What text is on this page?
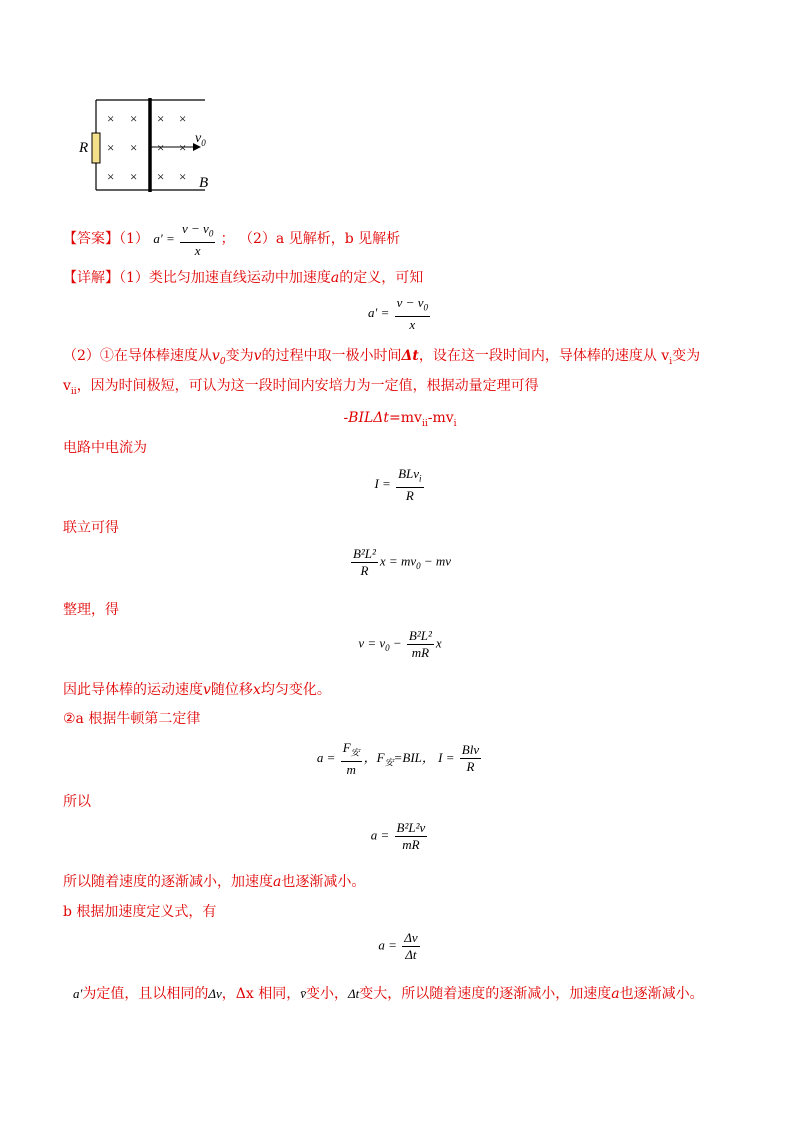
R
$v_0$
B
× × × ×
× × × ×
× × × ×
【答案】（1） $a' = \frac{v - v_0}{x}$ ； （2）a 见解析，b 见解析
【详解】（1）类比匀加速直线运动中加速度a的定义，可知
$a' = \frac{v - v_0}{x}$
（2）①在导体棒速度从$v_0$变为v的过程中取一极小时间Δt，设在这一段时间内，导体棒的速度从 $v_i$变为
$v_{ii}$，因为时间极短，可认为这一段时间内安培力为一定值，根据动量定理可得
$-BIL\Delta t=mv_{ii}-mv_i$
电路中电流为
$I = \frac{BLv_i}{R}$
联立可得
$\frac{\text{B²L²}}{R}$ $x = mv_0$ − mv
整理，得
$v = v_0 - \frac{\text{B²L²}}{mR}$ x
因此导体棒的运动速度v随位移x均匀变化。
②a 根据牛顿第二定律
$a = \frac{F_安}{m}$ ，$F_安=BIL$， $I = \frac{\text{Blv}}{R}$
所以
$a = \frac{\text{B²L²v}}{mR}$
所以随着速度的逐渐减小，加速度a也逐渐减小。
b 根据加速度定义式，有
$a = \frac{\Delta v}{\Delta t}$
a′为定值，且以相同的Δv，Δx 相同，v̄变小，Δt变大，所以随着速度的逐渐减小，加速度a也逐渐减小。
